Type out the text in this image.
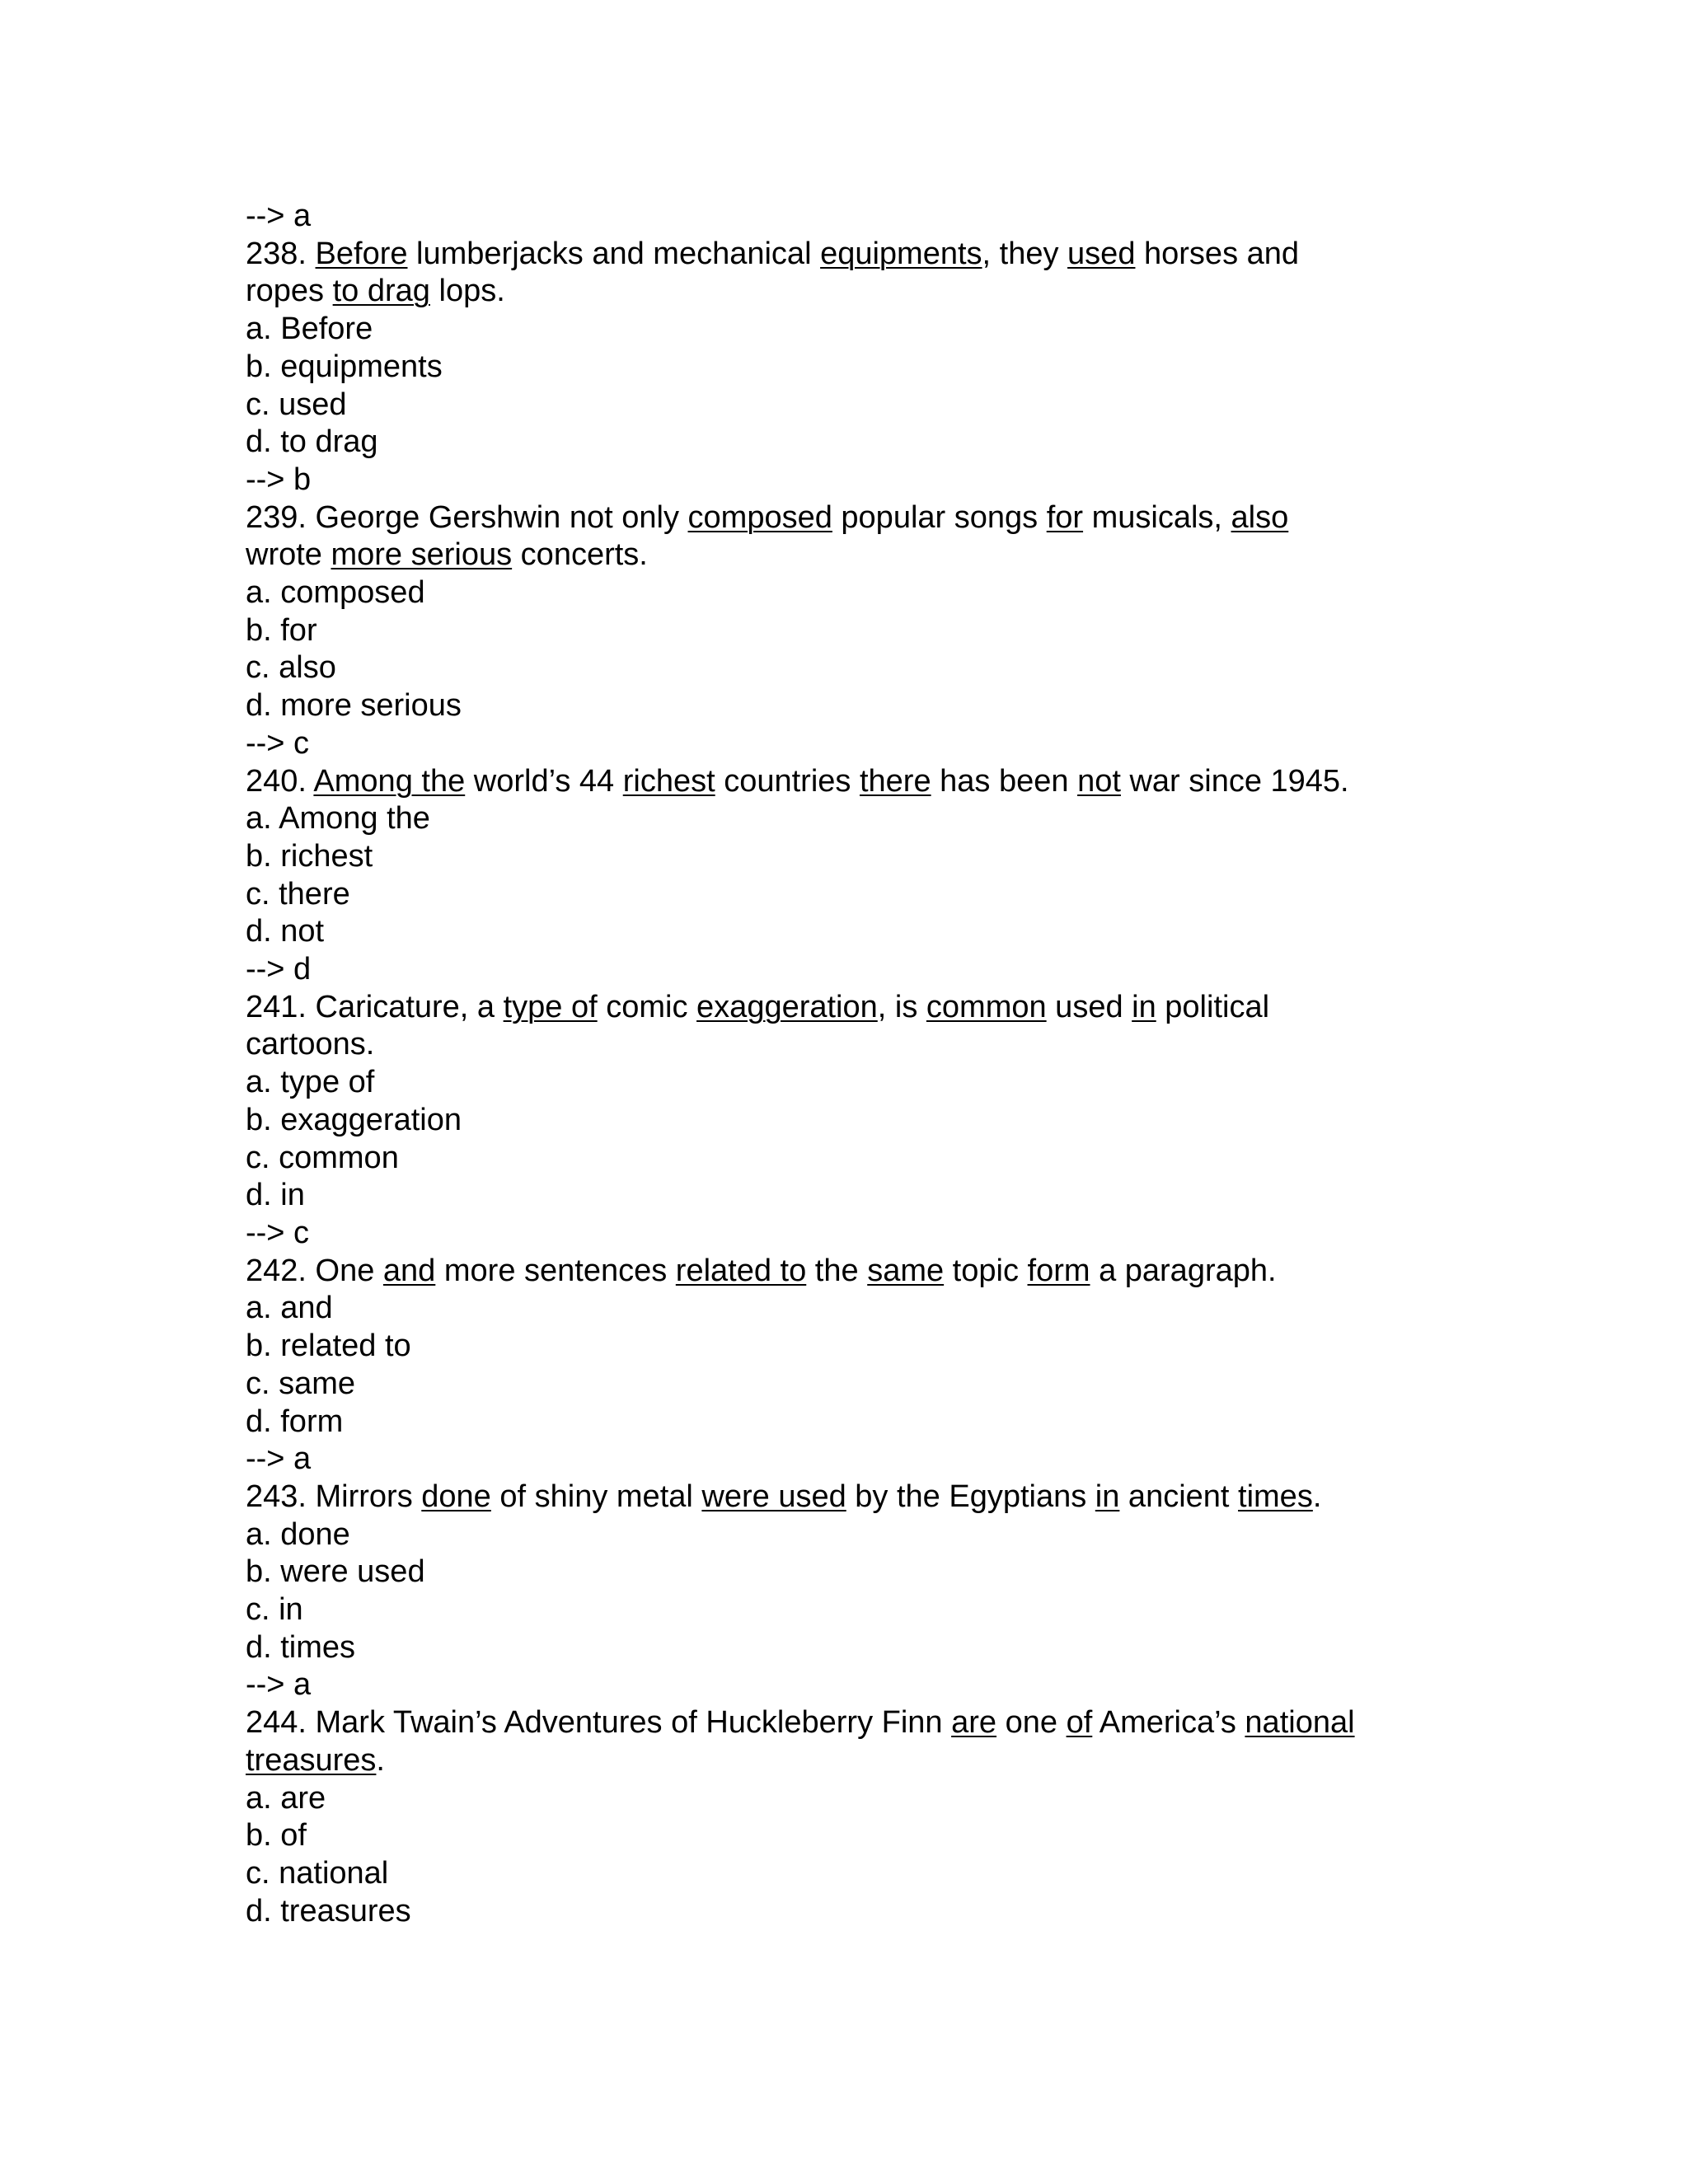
--> a
238. Before lumberjacks and mechanical equipments, they used horses and
ropes to drag lops.
a. Before
b. equipments
c. used
d. to drag
--> b
239. George Gershwin not only composed popular songs for musicals, also
wrote more serious concerts.
a. composed
b. for
c. also
d. more serious
--> c
240. Among the world’s 44 richest countries there has been not war since 1945.
a. Among the
b. richest
c. there
d. not
--> d
241. Caricature, a type of comic exaggeration, is common used in political
cartoons.
a. type of
b. exaggeration
c. common
d. in
--> c
242. One and more sentences related to the same topic form a paragraph.
a. and
b. related to
c. same
d. form
--> a
243. Mirrors done of shiny metal were used by the Egyptians in ancient times.
a. done
b. were used
c. in
d. times
--> a
244. Mark Twain’s Adventures of Huckleberry Finn are one of America’s national
treasures.
a. are
b. of
c. national
d. treasures
